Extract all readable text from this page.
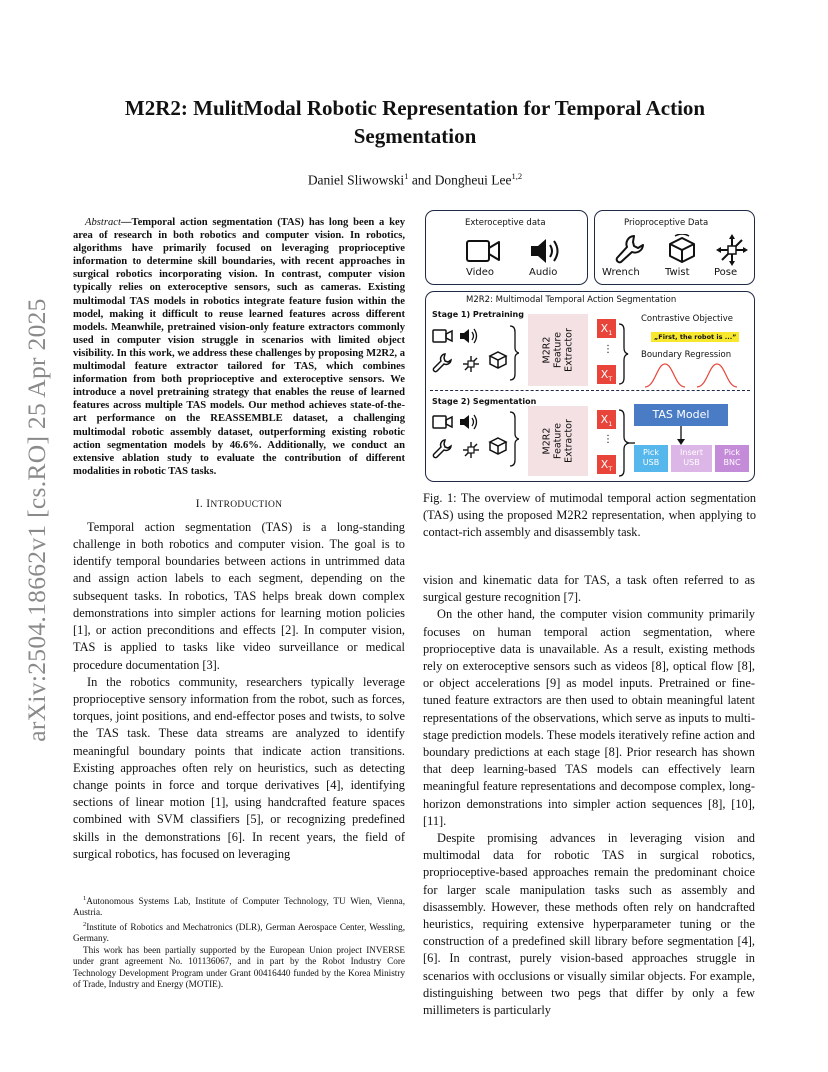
arXiv:2504.18662v1 [cs.RO] 25 Apr 2025
M2R2: MulitModal Robotic Representation for Temporal Action Segmentation
Daniel Sliwowski$^1$ and Dongheui Lee$^{1,2}$

Abstract—Temporal action segmentation (TAS) has long been a key area of research in both robotics and computer vision. In robotics, algorithms have primarily focused on leveraging proprioceptive information to determine skill boundaries, with recent approaches in surgical robotics incorporating vision. In contrast, computer vision typically relies on exteroceptive sensors, such as cameras. Existing multimodal TAS models in robotics integrate feature fusion within the model, making it difficult to reuse learned features across different models. Meanwhile, pretrained vision-only feature extractors commonly used in computer vision struggle in scenarios with limited object visibility. In this work, we address these challenges by proposing M2R2, a multimodal feature extractor tailored for TAS, which combines information from both proprioceptive and exteroceptive sensors. We introduce a novel pretraining strategy that enables the reuse of learned features across multiple TAS models. Our method achieves state-of-the-art performance on the REASSEMBLE dataset, a challenging multimodal robotic assembly dataset, outperforming existing robotic action segmentation models by 46.6%. Additionally, we conduct an extensive ablation study to evaluate the contribution of different modalities in robotic TAS tasks.

I. INTRODUCTION

Temporal action segmentation (TAS) is a long-standing challenge in both robotics and computer vision. The goal is to identify temporal boundaries between actions in untrimmed data and assign action labels to each segment, depending on the subsequent tasks. In robotics, TAS helps break down complex demonstrations into simpler actions for learning motion policies [1], or action preconditions and effects [2]. In computer vision, TAS is applied to tasks like video surveillance or medical procedure documentation [3].

In the robotics community, researchers typically leverage proprioceptive sensory information from the robot, such as forces, torques, joint positions, and end-effector poses and twists, to solve the TAS task. These data streams are analyzed to identify meaningful boundary points that indicate action transitions. Existing approaches often rely on heuristics, such as detecting change points in force and torque derivatives [4], identifying sections of linear motion [1], using handcrafted feature spaces combined with SVM classifiers [5], or recognizing predefined skills in the demonstrations [6]. In recent years, the field of surgical robotics, has focused on leveraging

$^1$Autonomous Systems Lab, Institute of Computer Technology, TU Wien, Vienna, Austria.

$^2$Institute of Robotics and Mechatronics (DLR), German Aerospace Center, Wessling, Germany.

This work has been partially supported by the European Union project INVERSE under grant agreement No. 101136067, and in part by the Robot Industry Core Technology Development Program under Grant 00416440 funded by the Korea Ministry of Trade, Industry and Energy (MOTIE).

Exteroceptive data	Prioproceptive Data
Video	Audio	Wrench	Twist Pose
M2R2: Multimodal Temporal Action Segmentation
Stage 1) Pretraining
Stage 2) Segmentation
M2R2 Feature Extractor	$X_1$
⋮
$X_T$
Contrastive Objective
„First, the robot is ...”
Boundary Regression
M2R2 Feature Extractor	$X_1$
⋮
$X_T$
TAS Model
Pick
USB
Insert
USB
Pick
BNC

Fig. 1: The overview of mutimodal temporal action segmentation (TAS) using the proposed M2R2 representation, when applying to contact-rich assembly and disassembly task.

vision and kinematic data for TAS, a task often referred to as surgical gesture recognition [7].

On the other hand, the computer vision community primarily focuses on human temporal action segmentation, where proprioceptive data is unavailable. As a result, existing methods rely on exteroceptive sensors such as videos [8], optical flow [8], or object accelerations [9] as model inputs. Pretrained or fine-tuned feature extractors are then used to obtain meaningful latent representations of the observations, which serve as inputs to multi-stage prediction models. These models iteratively refine action and boundary predictions at each stage [8]. Prior research has shown that deep learning-based TAS models can effectively learn meaningful feature representations and decompose complex, long-horizon demonstrations into simpler action sequences [8], [10], [11].

Despite promising advances in leveraging vision and multimodal data for robotic TAS in surgical robotics, proprioceptive-based approaches remain the predominant choice for larger scale manipulation tasks such as assembly and disassembly. However, these methods often rely on handcrafted heuristics, requiring extensive hyperparameter tuning or the construction of a predefined skill library before segmentation [4], [6]. In contrast, purely vision-based approaches struggle in scenarios with occlusions or visually similar objects. For example, distinguishing between two pegs that differ by only a few millimeters is particularly
